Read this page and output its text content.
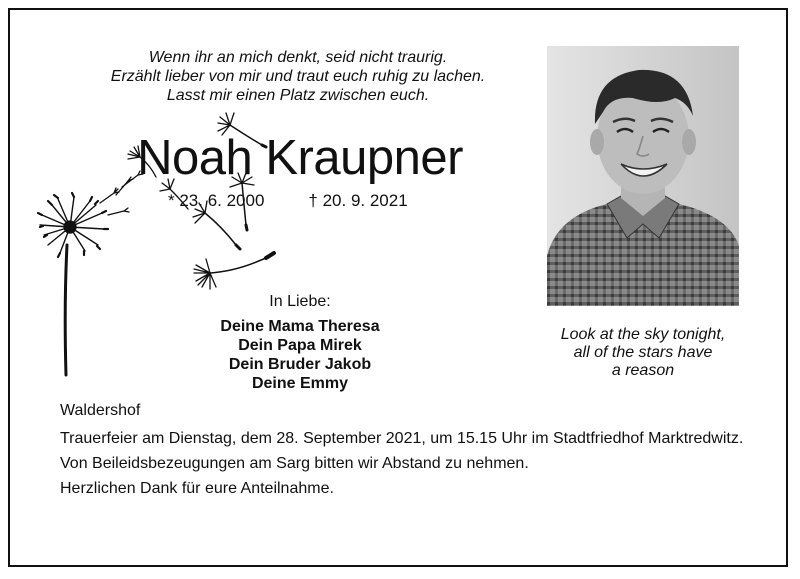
Wenn ihr an mich denkt, seid nicht traurig.
Erzählt lieber von mir und traut euch ruhig zu lachen.
Lasst mir einen Platz zwischen euch.
Noah Kraupner
* 23. 6. 2000	† 20. 9. 2021
In Liebe:
Deine Mama Theresa
Dein Papa Mirek
Dein Bruder Jakob
Deine Emmy
Look at the sky tonight,
all of the stars have
a reason
Waldershof

Trauerfeier am Dienstag, dem 28. September 2021, um 15.15 Uhr im Stadtfriedhof Marktredwitz.

Von Beileidsbezeugungen am Sarg bitten wir Abstand zu nehmen.

Herzlichen Dank für eure Anteilnahme.
